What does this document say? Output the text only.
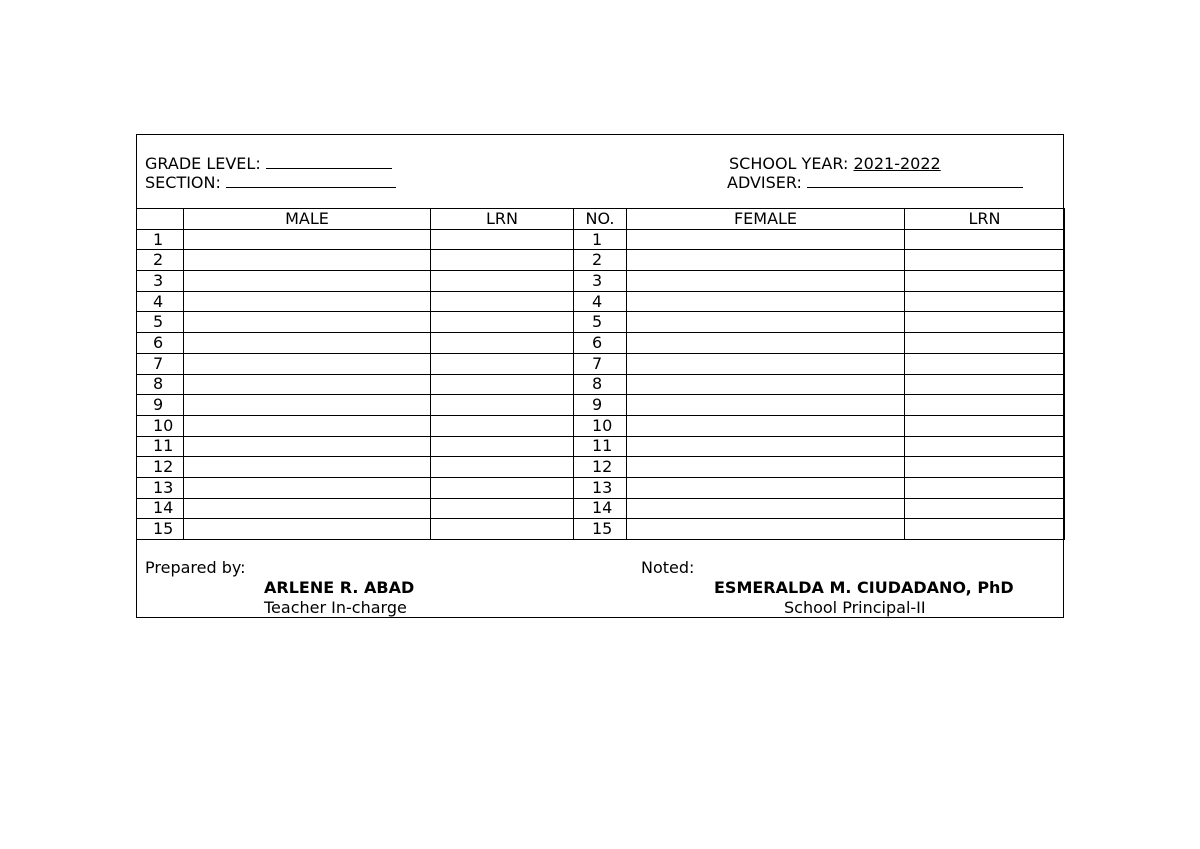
GRADE LEVEL:
SECTION:
SCHOOL YEAR: 2021-2022
ADVISER:
	MALE	LRN	NO.	FEMALE	LRN
1			1		
2			2		
3			3		
4			4		
5			5		
6			6		
7			7		
8			8		
9			9		
10			10		
11			11		
12			12		
13			13		
14			14		
15			15		
Prepared by:
ARLENE R. ABAD
Teacher In-charge
Noted:
ESMERALDA M. CIUDADANO, PhD
School Principal-II
